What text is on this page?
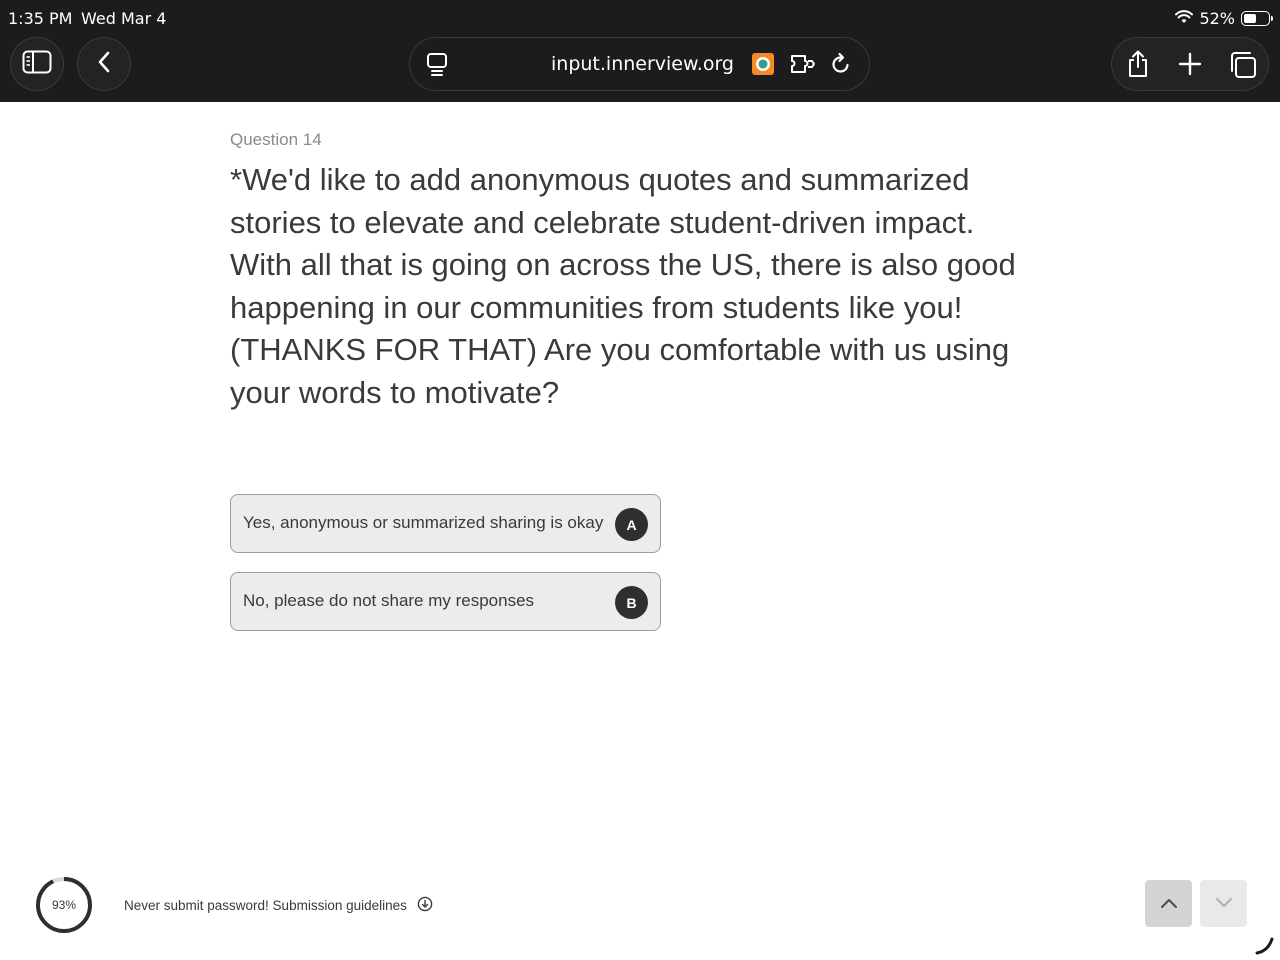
1:35 PM Wed Mar 4	52%
input.innerview.org
Question 14
*We'd like to add anonymous quotes and summarized stories to elevate and celebrate student-driven impact. With all that is going on across the US, there is also good happening in our communities from students like you! (THANKS FOR THAT) Are you comfortable with us using your words to motivate?
Yes, anonymous or summarized sharing is okay	A
No, please do not share my responses	B
93%	Never submit password! Submission guidelines
